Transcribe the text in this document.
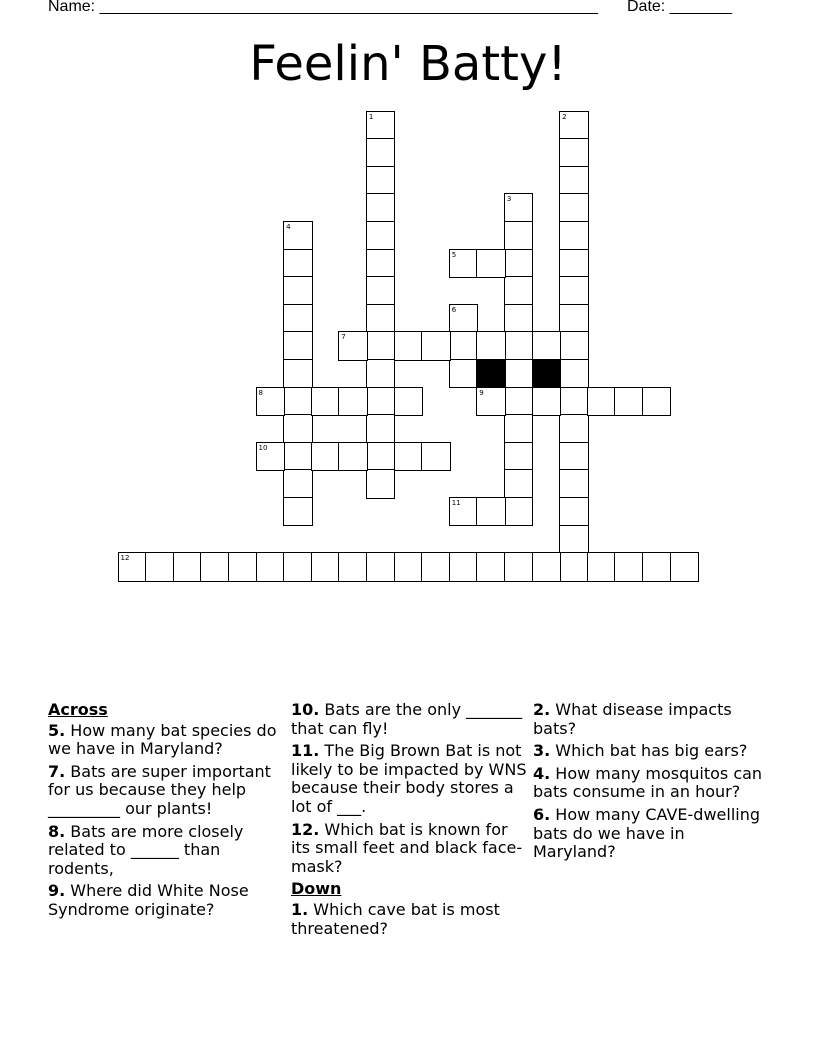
Name: ________________________________________________________ Date: _______
Feelin' Batty!
1	2
3
4
5
6
7
8	9
10
11
12
Across
5. How many bat species do we have in Maryland?
7. Bats are super important for us because they help _________ our plants!
8. Bats are more closely related to ______ than rodents,
9. Where did White Nose Syndrome originate?
10. Bats are the only _______ that can fly!
11. The Big Brown Bat is not likely to be impacted by WNS because their body stores a lot of ___.
12. Which bat is known for its small feet and black face-mask?
Down
1. Which cave bat is most threatened?
2. What disease impacts bats?
3. Which bat has big ears?
4. How many mosquitos can bats consume in an hour?
6. How many CAVE-dwelling bats do we have in Maryland?
